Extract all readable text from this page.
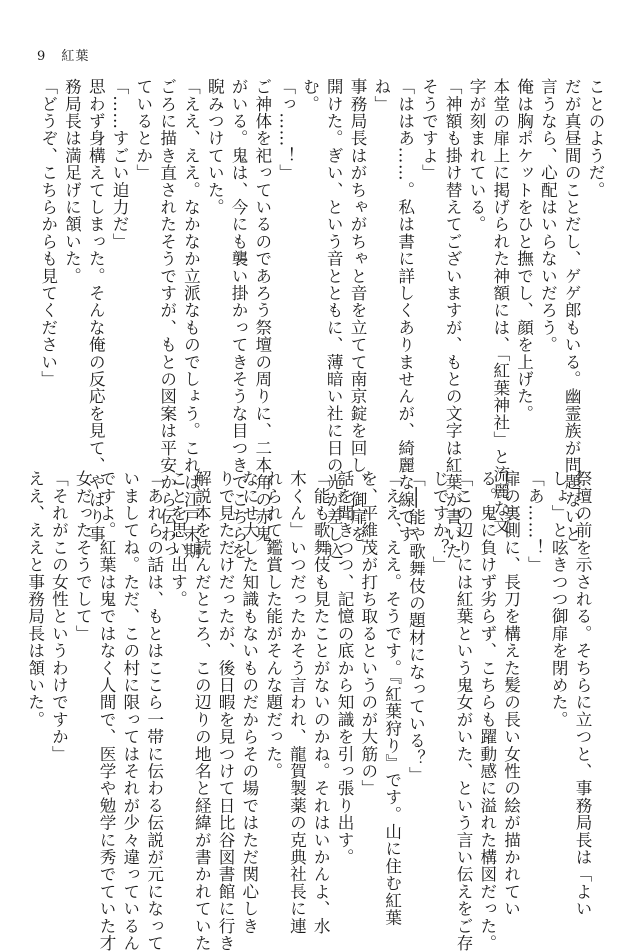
9 紅葉
ことのようだ。
だが真昼間のことだし、ゲゲ郎もいる。幽霊族が問題ないと
言うなら、心配はいらないだろう。
俺は胸ポケットをひと撫でし、顔を上げた。
本堂の扉上に掲げられた神額には、「紅葉神社」と流麗な文
字が刻まれている。
「神額も掛け替えてございますが、もとの文字は紅葉が書いた
そうですよ」
「ははあ……。私は書に詳しくありませんが、綺麗な線です
ね」
事務局長はがちゃがちゃと音を立てて南京錠を回し、御扉を
開けた。ぎい、という音とともに、薄暗い社に日の光が差し込
む。
「っ……！」
ご神体を祀っているのであろう祭壇の周りに、二本角の赤鬼
がいる。鬼は、今にも襲い掛かってきそうな目つきでこちらを
睨みつけていた。
「ええ、ええ。なかなか立派なものでしょう。これは江戸末期
ごろに描き直されたそうですが、もとの図案は平安から伝わっ
ているとか」
「……すごい迫力だ」
思わず身構えてしまった。そんな俺の反応を見て、やはり事
務局長は満足げに頷いた。
「どうぞ、こちらからも見てください」
祭壇の前を示される。そちらに立つと、事務局長は「よい
しょ」と呟きつつ御扉を閉めた。
「あ……！」
扉の裏側に、長刀を構えた髪の長い女性の絵が描かれてい
る。鬼に負けず劣らず、こちらも躍動感に溢れた構図だった。
「この辺りには紅葉という鬼女がいた、という言い伝えをご存
じですか？」
「──能や歌舞伎の題材になっている？」
「ええ、ええ。そうです。『紅葉狩り』です。山に住む紅葉
を、平維茂が打ち取るというのが大筋の」
話を聞きつつ、記憶の底から知識を引っ張り出す。
「能も歌舞伎も見たことがないのかね。それはいかんよ、水
木くん」いつだったかそう言われ、龍賀製薬の克典社長に連
れられて鑑賞した能がそんな題だった。
なにせ大した知識もないものだからその場ではただ関心しき
りで見ただけだったが、後日暇を見つけて日比谷図書館に行き
解説本を読んだところ、この辺りの地名と経緯が書かれていた
ことを思い出す。
「あれらの話は、もとはここら一帯に伝わる伝説が元になって
いましてね。ただ、この村に限ってはそれが少々違っているん
ですよ。紅葉は鬼ではなく人間で、医学や勉学に秀でていた才
女だったそうでして」
「それがこの女性というわけですか」
ええ、ええと事務局長は頷いた。
